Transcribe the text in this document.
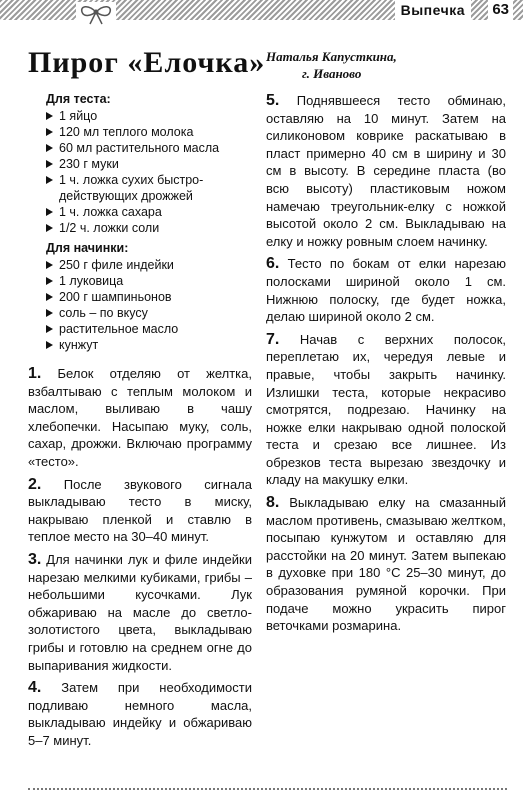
Выпечка	63
Пирог «Елочка»
Для теста:
1 яйцо
120 мл теплого молока
60 мл растительного масла
230 г муки
1 ч. ложка сухих быстро-
действующих дрожжей
1 ч. ложка сахара
1/2 ч. ложки соли
Для начинки:
250 г филе индейки
1 луковица
200 г шампиньонов
соль – по вкусу
растительное масло
кунжут

1. Белок отделяю от желтка, взбалтываю с теплым молоком и маслом, выливаю в чашу хлебопечки. Насыпаю муку, соль, сахар, дрожжи. Включаю программу «тесто».

2. После звукового сигнала выкладываю тесто в миску, накрываю пленкой и ставлю в теплое место на 30–40 минут.

3. Для начинки лук и филе индейки нарезаю мелкими кубиками, грибы – небольшими кусочками. Лук обжариваю на масле до светло-золотистого цвета, выкладываю грибы и готовлю на среднем огне до выпаривания жидкости.

4. Затем при необходимости подливаю немного масла, выкладываю индейку и обжариваю 5–7 минут.

Наталья Капусткина,
г. Иваново

5. Поднявшееся тесто обминаю, оставляю на 10 минут. Затем на силиконовом коврике раскатываю в пласт примерно 40 см в ширину и 30 см в высоту. В середине пласта (во всю высоту) пластиковым ножом намечаю треугольник-елку с ножкой высотой около 2 см. Выкладываю на елку и ножку ровным слоем начинку.

6. Тесто по бокам от елки нарезаю полосками шириной около 1 см. Нижнюю полоску, где будет ножка, делаю шириной около 2 см.

7. Начав с верхних полосок, переплетаю их, чередуя левые и правые, чтобы закрыть начинку. Излишки теста, которые некрасиво смотрятся, подрезаю. Начинку на ножке елки накрываю одной полоской теста и срезаю все лишнее. Из обрезков теста вырезаю звездочку и кладу на макушку елки.

8. Выкладываю елку на смазанный маслом противень, смазываю желтком, посыпаю кунжутом и оставляю для расстойки на 20 минут. Затем выпекаю в духовке при 180 °С 25–30 минут, до образования румяной корочки. При подаче можно украсить пирог веточками розмарина.
